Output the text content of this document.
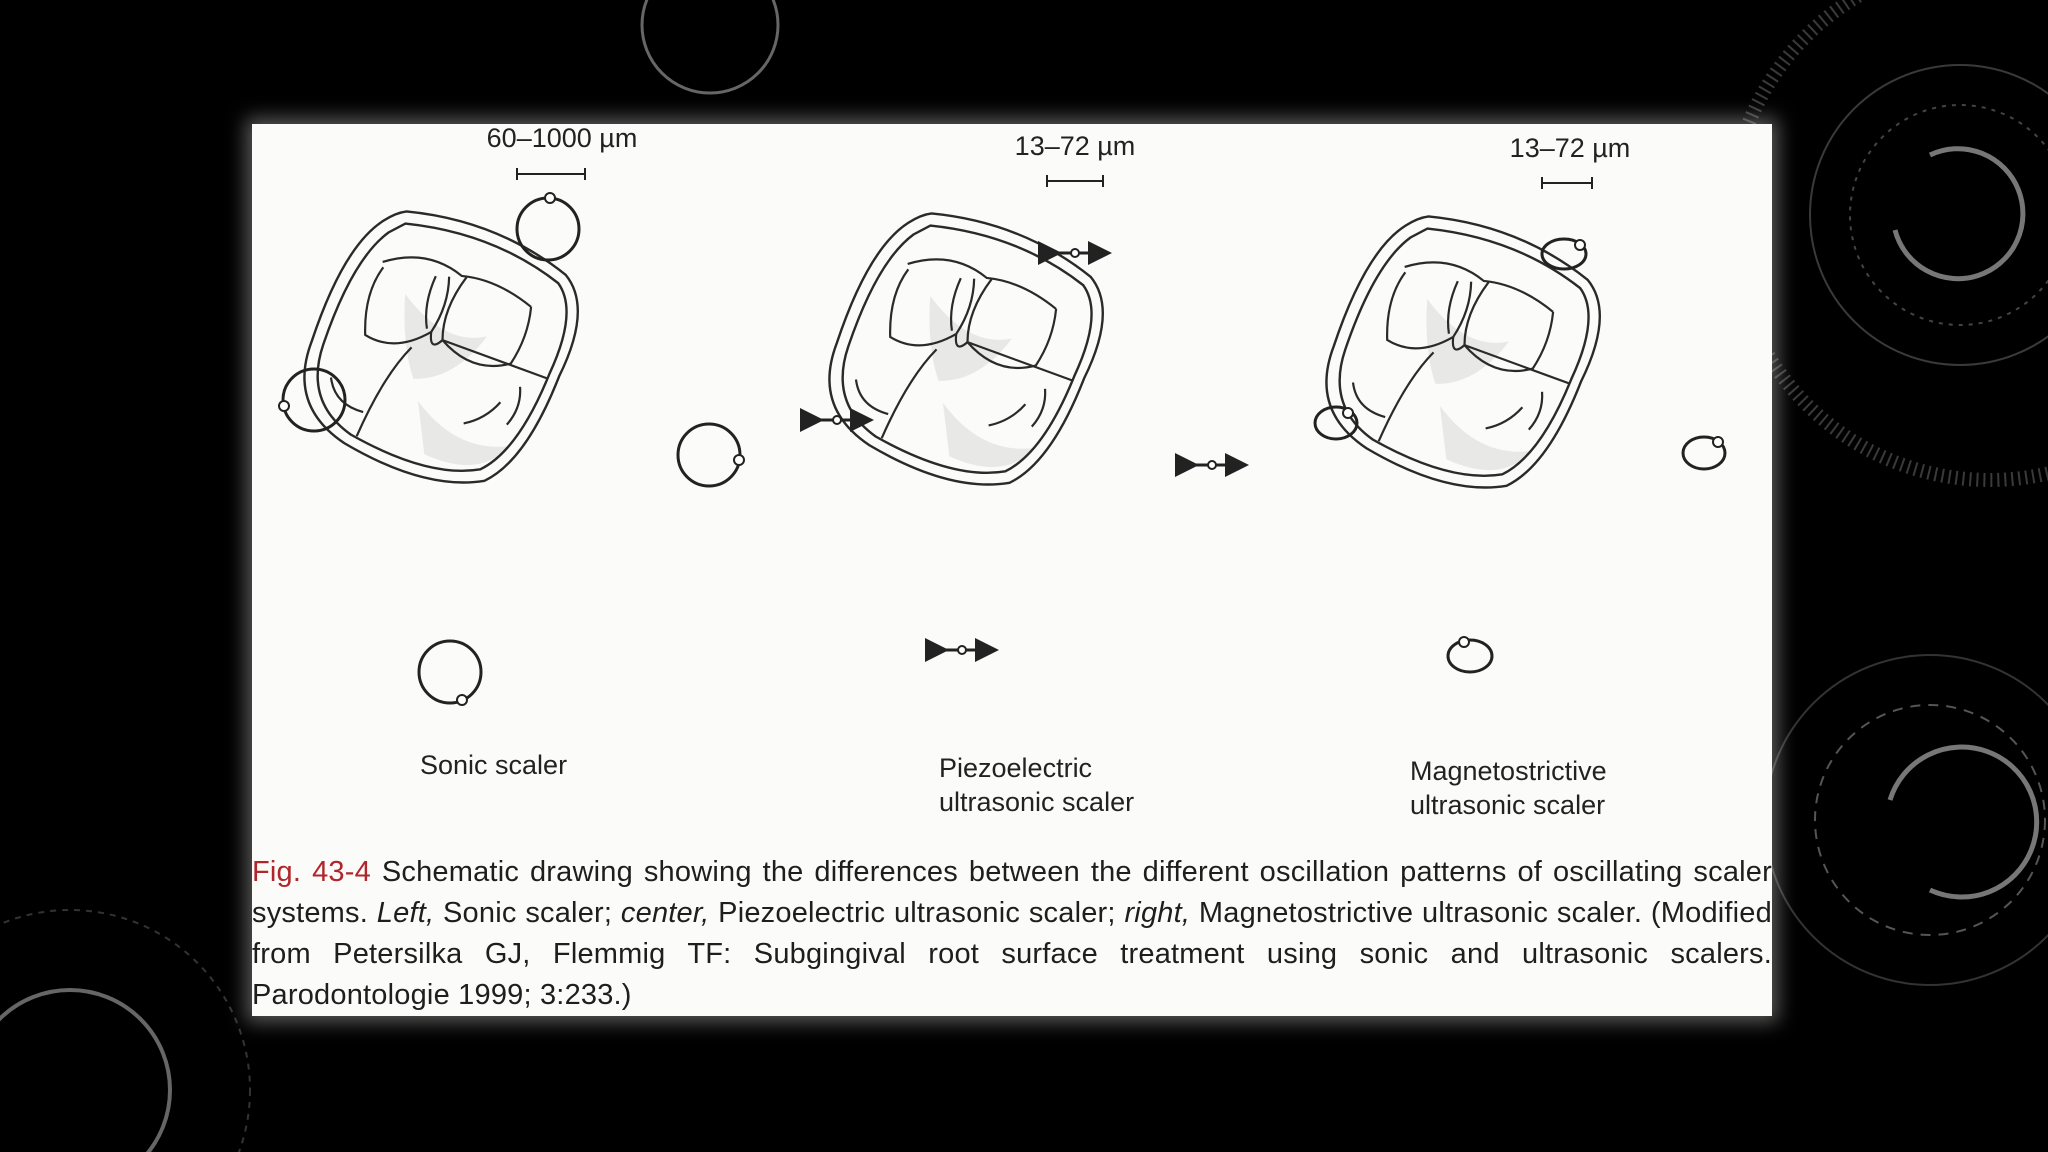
60–1000 µm
Sonic scaler
13–72 µm
Piezoelectric
ultrasonic scaler
13–72 µm
Magnetostrictive
ultrasonic scaler
Fig. 43-4 Schematic drawing showing the differences between the different oscillation patterns of oscillating scaler systems. Left, Sonic scaler; center, Piezoelectric ultrasonic scaler; right, Magnetostrictive ultrasonic scaler. (Modified from Petersilka GJ, Flemmig TF: Subgingival root surface treatment using sonic and ultrasonic scalers. Parodontologie 1999; 3:233.)
